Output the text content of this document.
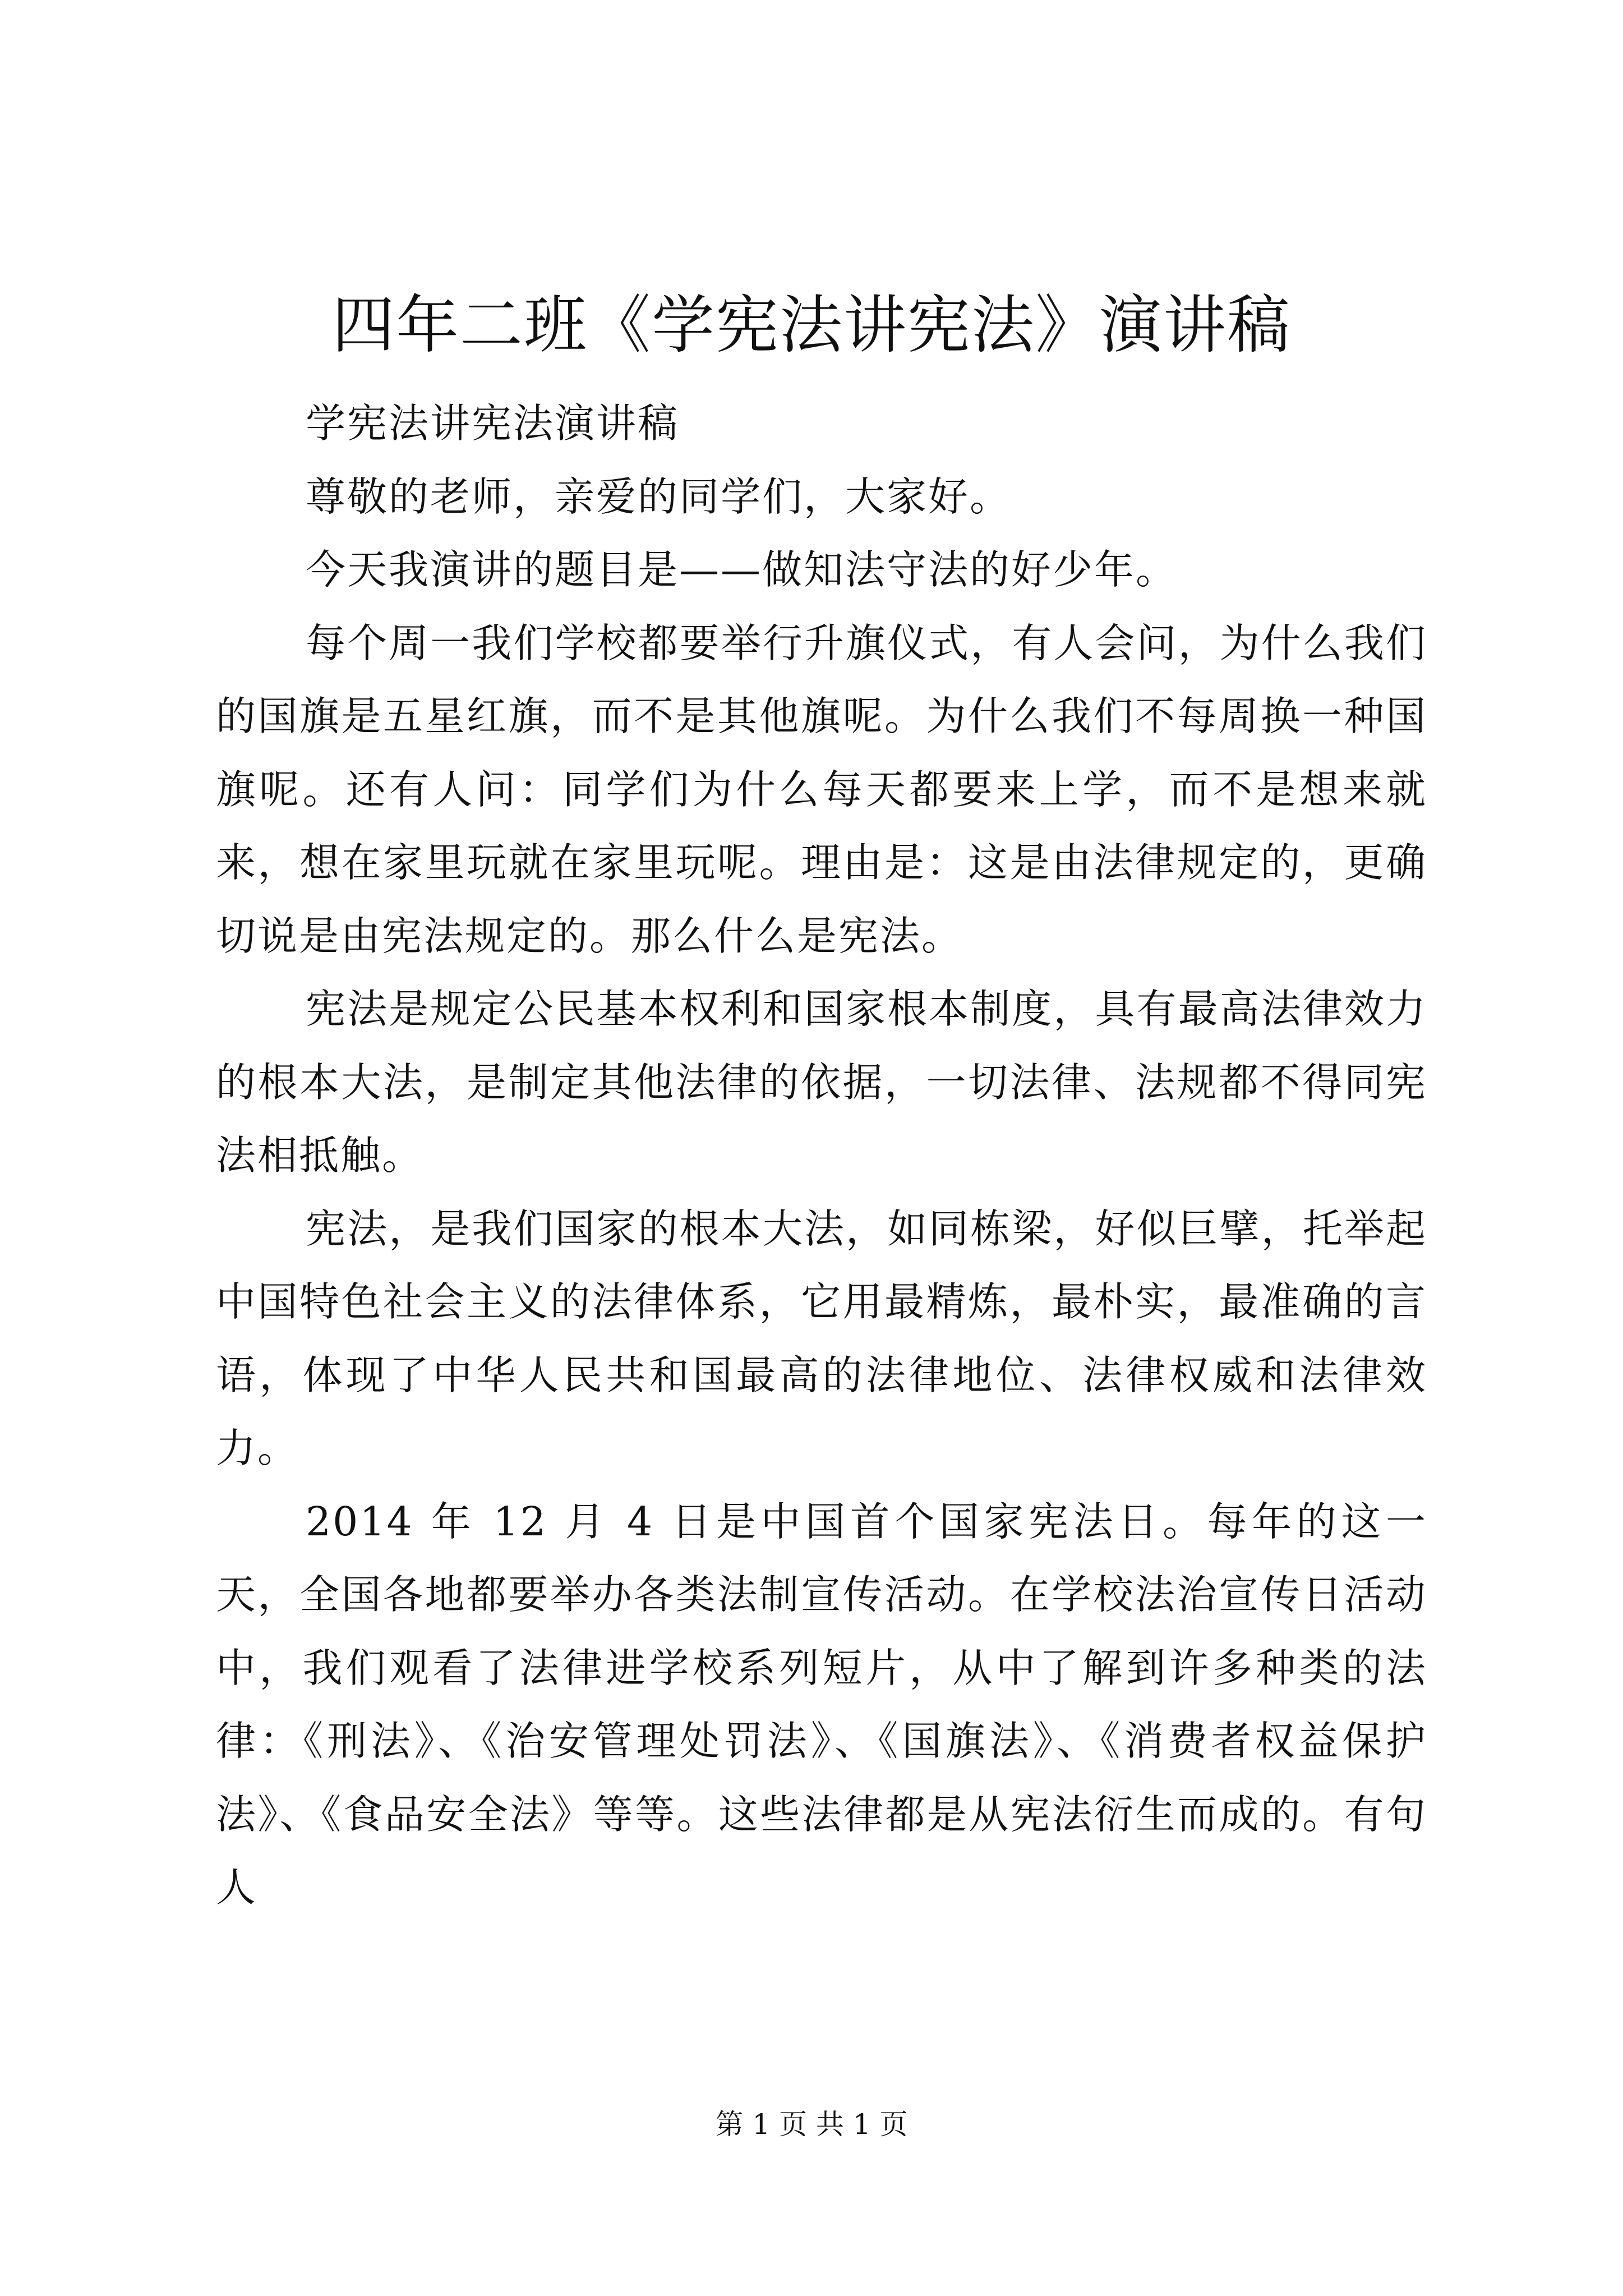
四年二班《学宪法讲宪法》演讲稿

学宪法讲宪法演讲稿

尊敬的老师，亲爱的同学们，大家好。

今天我演讲的题目是——做知法守法的好少年。

每个周一我们学校都要举行升旗仪式，有人会问，为什么我们的国旗是五星红旗，而不是其他旗呢。为什么我们不每周换一种国旗呢。还有人问：同学们为什么每天都要来上学，而不是想来就来，想在家里玩就在家里玩呢。理由是：这是由法律规定的，更确切说是由宪法规定的。那么什么是宪法。

宪法是规定公民基本权利和国家根本制度，具有最高法律效力的根本大法，是制定其他法律的依据，一切法律、法规都不得同宪法相抵触。

宪法，是我们国家的根本大法，如同栋梁，好似巨擘，托举起中国特色社会主义的法律体系，它用最精炼，最朴实，最准确的言语，体现了中华人民共和国最高的法律地位、法律权威和法律效力。

2014 年 12 月 4 日是中国首个国家宪法日。每年的这一天，全国各地都要举办各类法制宣传活动。在学校法治宣传日活动中，我们观看了法律进学校系列短片，从中了解到许多种类的法律：《刑法》、《治安管理处罚法》、《国旗法》、《消费者权益保护法》、《食品安全法》等等。这些法律都是从宪法衍生而成的。有句人

第 1 页 共 1 页
